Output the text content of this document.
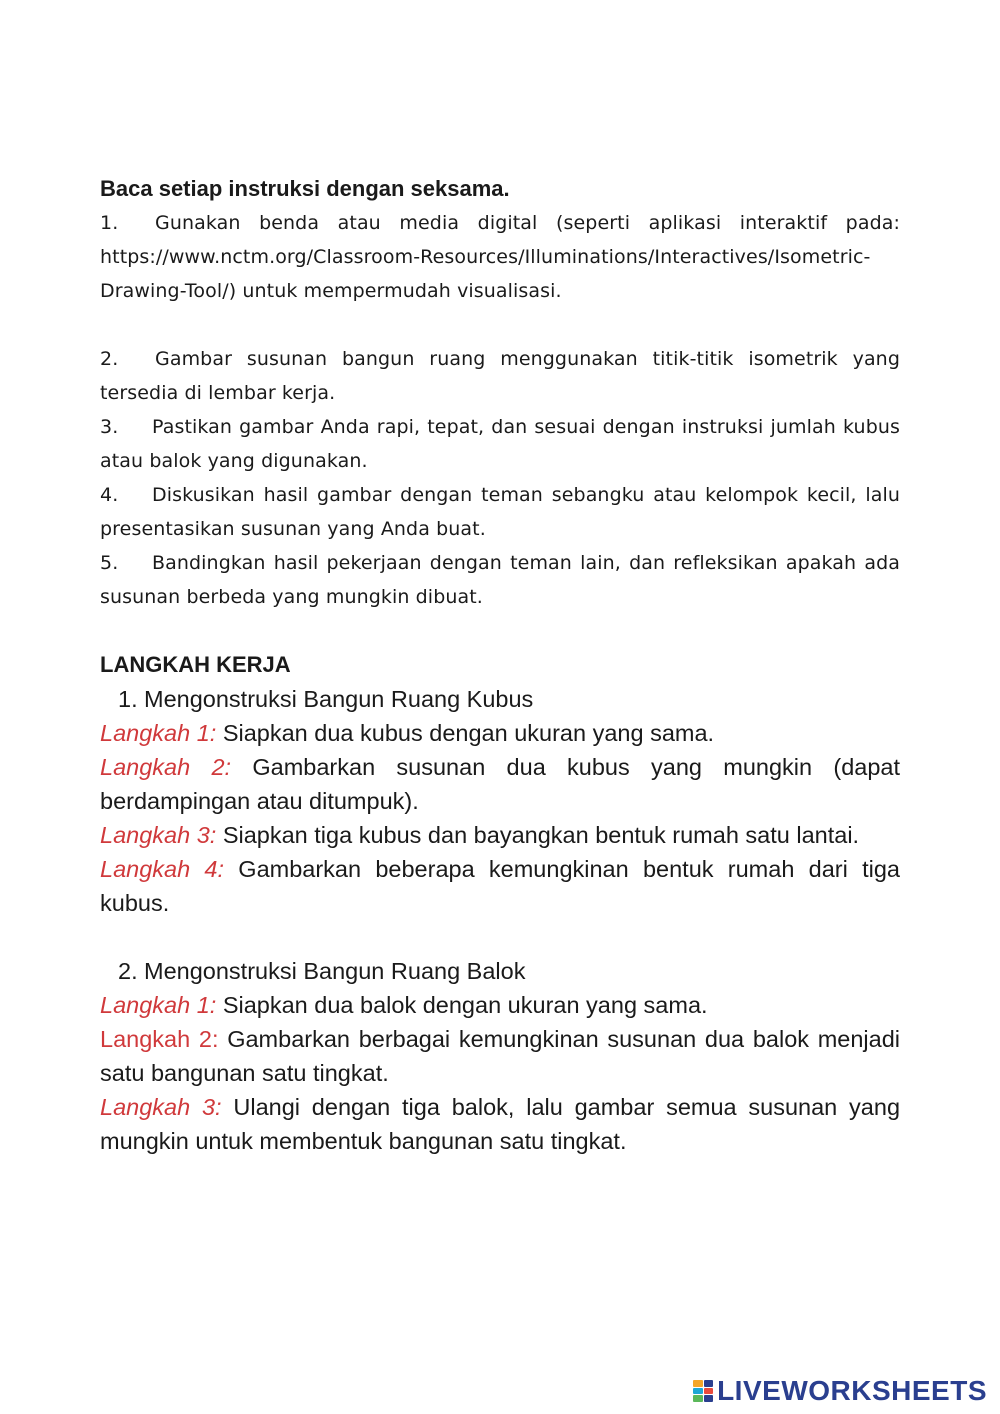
Baca setiap instruksi dengan seksama.

1. Gunakan benda atau media digital (seperti aplikasi interaktif pada: https://www.nctm.org/Classroom-Resources/Illuminations/Interactives/Isometric-Drawing-Tool/) untuk mempermudah visualisasi.

2. Gambar susunan bangun ruang menggunakan titik-titik isometrik yang tersedia di lembar kerja.

3. Pastikan gambar Anda rapi, tepat, dan sesuai dengan instruksi jumlah kubus atau balok yang digunakan.

4. Diskusikan hasil gambar dengan teman sebangku atau kelompok kecil, lalu presentasikan susunan yang Anda buat.

5. Bandingkan hasil pekerjaan dengan teman lain, dan refleksikan apakah ada susunan berbeda yang mungkin dibuat.

LANGKAH KERJA

1. Mengonstruksi Bangun Ruang Kubus

Langkah 1: Siapkan dua kubus dengan ukuran yang sama.

Langkah 2: Gambarkan susunan dua kubus yang mungkin (dapat berdampingan atau ditumpuk).

Langkah 3: Siapkan tiga kubus dan bayangkan bentuk rumah satu lantai.

Langkah 4: Gambarkan beberapa kemungkinan bentuk rumah dari tiga kubus.

2. Mengonstruksi Bangun Ruang Balok

Langkah 1: Siapkan dua balok dengan ukuran yang sama.

Langkah 2: Gambarkan berbagai kemungkinan susunan dua balok menjadi satu bangunan satu tingkat.

Langkah 3: Ulangi dengan tiga balok, lalu gambar semua susunan yang mungkin untuk membentuk bangunan satu tingkat.

LIVEWORKSHEETS
